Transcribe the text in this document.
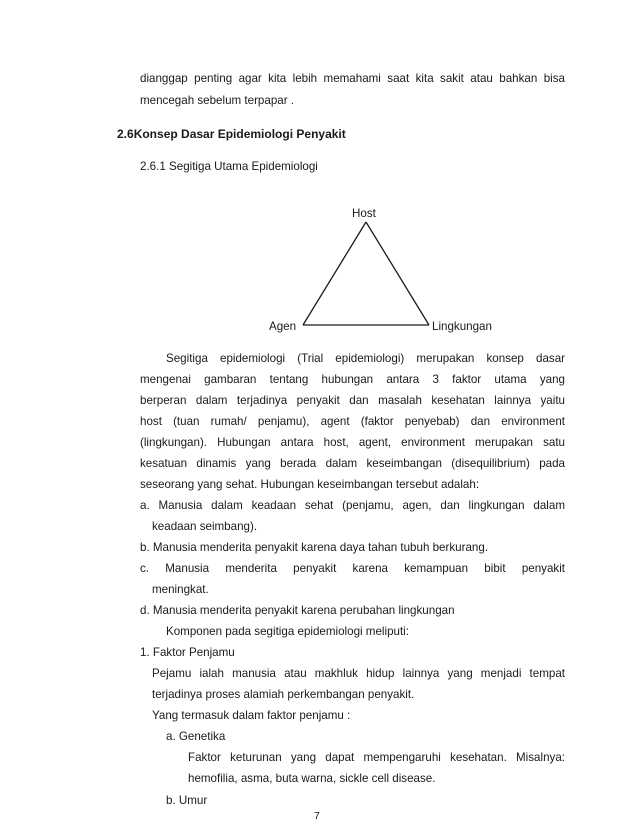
dianggap penting agar kita lebih memahami saat kita sakit atau bahkan bisa
mencegah sebelum terpapar .
2.6Konsep Dasar Epidemiologi Penyakit
2.6.1 Segitiga Utama Epidemiologi
Host
Agen	Lingkungan
Segitiga epidemiologi (Trial epidemiologi) merupakan konsep dasar
mengenai gambaran tentang hubungan antara 3 faktor utama yang
berperan dalam terjadinya penyakit dan masalah kesehatan lainnya yaitu
host (tuan rumah/ penjamu), agent (faktor penyebab) dan environment
(lingkungan). Hubungan antara host, agent, environment merupakan satu
kesatuan dinamis yang berada dalam keseimbangan (disequilibrium) pada
seseorang yang sehat. Hubungan keseimbangan tersebut adalah:
a. Manusia dalam keadaan sehat (penjamu, agen, dan lingkungan dalam
keadaan seimbang).
b. Manusia menderita penyakit karena daya tahan tubuh berkurang.
c. Manusia menderita penyakit karena kemampuan bibit penyakit
meningkat.
d. Manusia menderita penyakit karena perubahan lingkungan
Komponen pada segitiga epidemiologi meliputi:
1. Faktor Penjamu
Pejamu ialah manusia atau makhluk hidup lainnya yang menjadi tempat
terjadinya proses alamiah perkembangan penyakit.
Yang termasuk dalam faktor penjamu :
a. Genetika
Faktor keturunan yang dapat mempengaruhi kesehatan. Misalnya:
hemofilia, asma, buta warna, sickle cell disease.
b. Umur
7
